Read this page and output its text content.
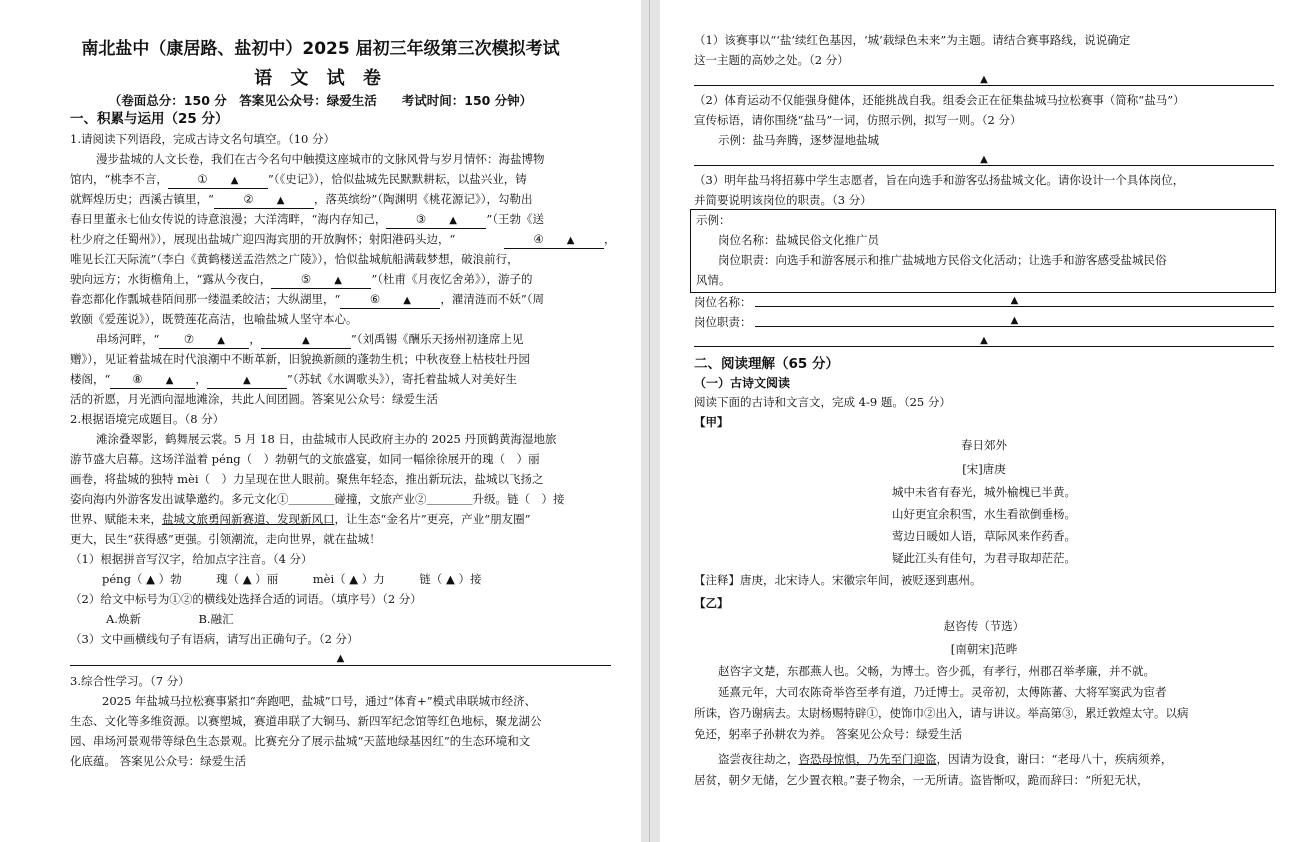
南北盐中（康居路、盐初中）2025 届初三年级第三次模拟考试
语 文 试 卷
（卷面总分：150 分　答案见公众号：绿爱生活　　考试时间：150 分钟）
一、积累与运用（25 分）
1.请阅读下列语段，完成古诗文名句填空。（10 分）
漫步盐城的人文长卷，我们在古今名句中触摸这座城市的文脉风骨与岁月情怀：海盐博物
馆内，“桃李不言，	①　　 ▲	”（《史记》），恰似盐城先民默默耕耘，以盐兴业，铸
就辉煌历史；西溪古镇里，“	②　　 ▲	，落英缤纷”（陶渊明《桃花源记》），勾勒出
春日里董永七仙女传说的诗意浪漫；大洋湾畔，“海内存知己，	③　　 ▲	”（王勃《送
杜少府之任蜀州》），展现出盐城广迎四海宾朋的开放胸怀；射阳港码头边，“	④　　 ▲	，
唯见长江天际流”（李白《黄鹤楼送孟浩然之广陵》），恰似盐城航船满载梦想，破浪前行，
驶向远方；水街檐角上，“露从今夜白，	⑤　　 ▲	”（杜甫《月夜忆舍弟》），游子的
眷恋都化作瓢城巷陌间那一缕温柔皎洁；大纵湖里，“	⑥　　 ▲	，濯清涟而不妖”（周
敦颐《爱莲说》），既赞莲花高洁，也喻盐城人坚守本心。
串场河畔，“ ⑦　　 ▲ ，	▲	”（刘禹锡《酬乐天扬州初逢席上见
赠》），见证着盐城在时代浪潮中不断革新，旧貌换新颜的蓬勃生机；中秋夜登上枯枝牡丹园
楼阁，“ ⑧　　 ▲ ，	▲	”（苏轼《水调歌头》），寄托着盐城人对美好生
活的祈愿，月光洒向湿地滩涂，共此人间团圆。答案见公众号：绿爱生活
2.根据语境完成题目。（8 分）
滩涂叠翠影，鹤舞展云裳。5 月 18 日，由盐城市人民政府主办的 2025 丹顶鹤黄海湿地旅
游节盛大启幕。这场洋溢着 péng（　）勃朝气的文旅盛宴，如同一幅徐徐展开的瑰（　）丽
画卷，将盐城的独特 mèi（　）力呈现在世人眼前。聚焦年轻态，推出新玩法，盐城以飞扬之
姿向海内外游客发出诚挚邀约。多元文化①＿＿＿＿碰撞，文旅产业②＿＿＿＿升级。链（　）接
世界、赋能未来，盐城文旅勇闯新赛道、发现新风口，让生态“金名片”更亮，产业“朋友圈”
更大，民生“获得感”更强。引领潮流，走向世界，就在盐城！
（1）根据拼音写汉字，给加点字注音。（4 分）
péng（ ▲ ）勃　　　瑰（ ▲ ）丽　　　mèi（ ▲ ）力　　　链（ ▲ ）接
（2）给文中标号为①②的横线处选择合适的词语。（填序号）（2 分）
A.焕新　　　　　B.融汇
（3）文中画横线句子有语病，请写出正确句子。（2 分）
▲
3.综合性学习。（7 分）
2025 年盐城马拉松赛事紧扣“奔跑吧，盐城”口号，通过“体育+”模式串联城市经济、
生态、文化等多维资源。以赛塑城，赛道串联了大铜马、新四军纪念馆等红色地标，聚龙湖公
园、串场河景观带等绿色生态景观。比赛充分了展示盐城“天蓝地绿基因红”的生态环境和文
化底蕴。 答案见公众号：绿爱生活
（1）该赛事以“‘盐’续红色基因，‘城’载绿色未来”为主题。请结合赛事路线，说说确定
这一主题的高妙之处。（2 分）
▲
（2）体育运动不仅能强身健体，还能挑战自我。组委会正在征集盐城马拉松赛事（简称“盐马”）
宣传标语，请你围绕“盐马”一词，仿照示例，拟写一则。（2 分）
示例：盐马奔腾，逐梦湿地盐城
▲
（3）明年盐马将招募中学生志愿者，旨在向选手和游客弘扬盐城文化。请你设计一个具体岗位，
并简要说明该岗位的职责。（3 分）
示例：
岗位名称：盐城民俗文化推广员
岗位职责：向选手和游客展示和推广盐城地方民俗文化活动；让选手和游客感受盐城民俗
风情。
岗位名称：	▲
岗位职责：	▲
▲
二、阅读理解（65 分）
（一）古诗文阅读
阅读下面的古诗和文言文，完成 4-9 题。（25 分）
【甲】
春日郊外
[宋]唐庚
城中未省有春光，城外榆槐已半黄。
山好更宜余积雪，水生看欲倒垂杨。
莺边日暖如人语，草际风来作药香。
疑此江头有佳句，为君寻取却茫茫。
【注释】唐庚，北宋诗人。宋徽宗年间，被贬逐到惠州。
【乙】
赵咨传（节选）
[南朝宋]范晔
赵咨字文楚，东郡燕人也。父畅，为博士。咨少孤，有孝行，州郡召举孝廉，并不就。
延熹元年，大司农陈奇举咨至孝有道，乃迁博士。灵帝初，太傅陈蕃、大将军窦武为宦者
所诛，咨乃谢病去。太尉杨赐特辟①，使饰巾②出入，请与讲议。举高第③，累迁敦煌太守。以病
免还，躬率子孙耕农为养。 答案见公众号：绿爱生活
盗尝夜往劫之，咨恐母惊惧，乃先至门迎盗，因请为设食，谢曰：“老母八十，疾病须养，
居贫，朝夕无储，乞少置衣粮。”妻子物余，一无所请。盗皆惭叹，跪而辞曰：“所犯无状，
